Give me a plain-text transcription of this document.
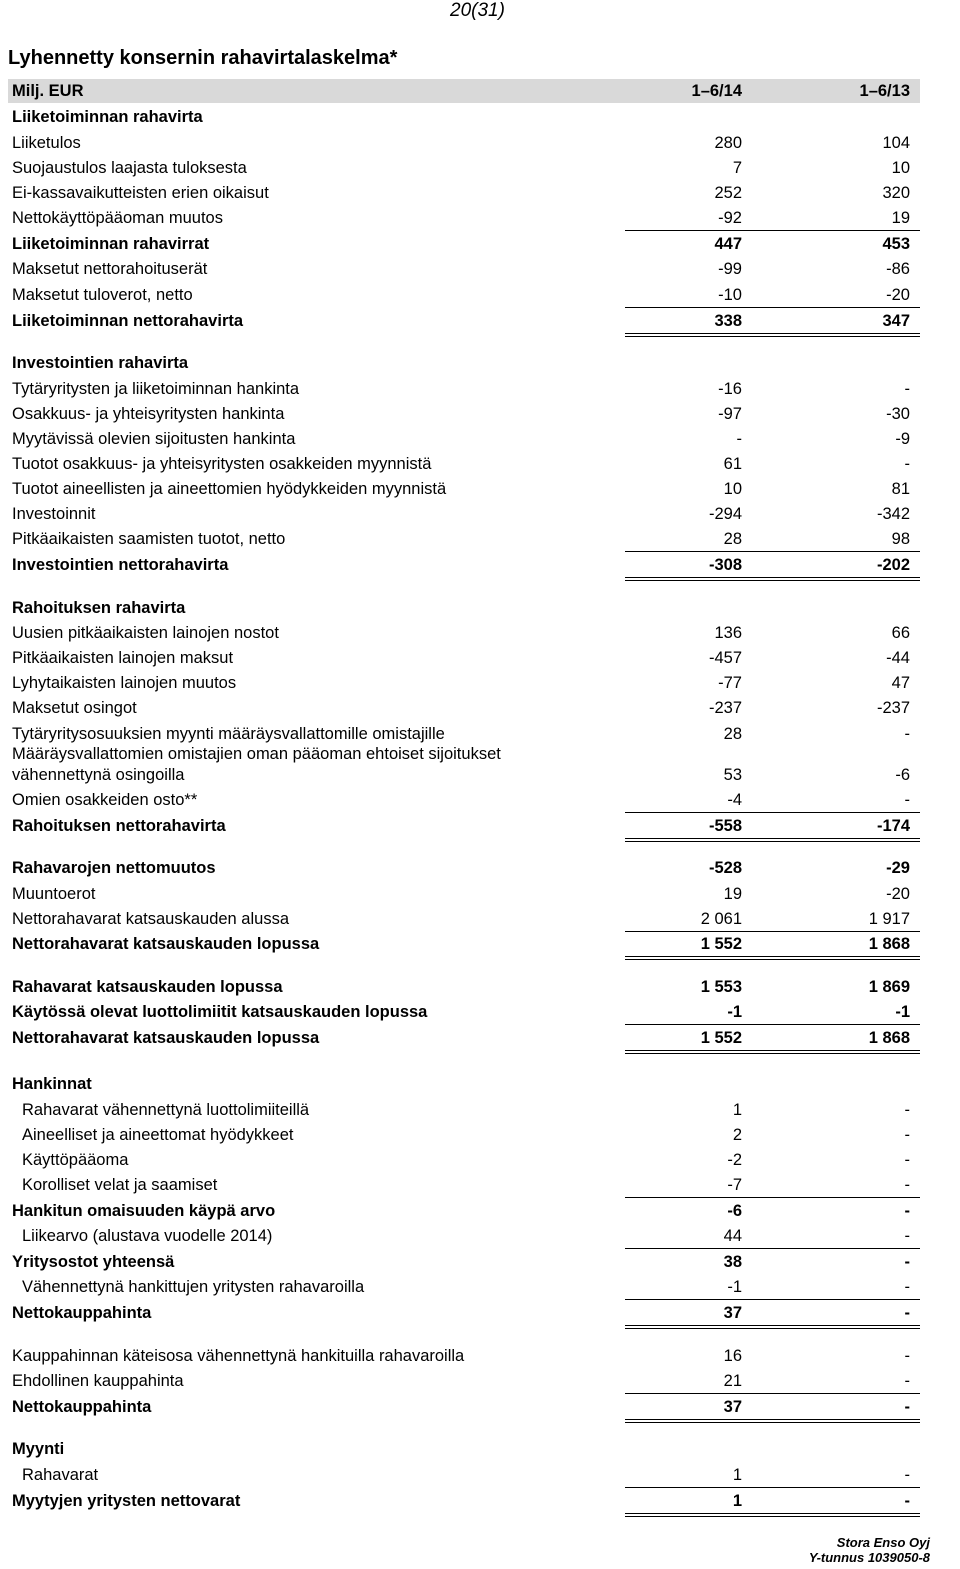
20(31)
Lyhennetty konsernin rahavirtalaskelma*
Milj. EUR	1–6/14	1–6/13
Liiketoiminnan rahavirta
Liiketulos	280	104
Suojaustulos laajasta tuloksesta	7	10
Ei-kassavaikutteisten erien oikaisut	252	320
Nettokäyttöpääoman muutos	-92	19
Liiketoiminnan rahavirrat	447	453
Maksetut nettorahoituserät	-99	-86
Maksetut tuloverot, netto	-10	-20
Liiketoiminnan nettorahavirta	338	347
Investointien rahavirta
Tytäryritysten ja liiketoiminnan hankinta	-16	-
Osakkuus- ja yhteisyritysten hankinta	-97	-30
Myytävissä olevien sijoitusten hankinta	-	-9
Tuotot osakkuus- ja yhteisyritysten osakkeiden myynnistä	61	-
Tuotot aineellisten ja aineettomien hyödykkeiden myynnistä	10	81
Investoinnit	-294	-342
Pitkäaikaisten saamisten tuotot, netto	28	98
Investointien nettorahavirta	-308	-202
Rahoituksen rahavirta
Uusien pitkäaikaisten lainojen nostot	136	66
Pitkäaikaisten lainojen maksut	-457	-44
Lyhytaikaisten lainojen muutos	-77	47
Maksetut osingot	-237	-237
Tytäryritysosuuksien myynti määräysvallattomille omistajille	28	-
Määräysvallattomien omistajien oman pääoman ehtoiset sijoitukset
vähennettynä osingoilla	53	-6
Omien osakkeiden osto**	-4	-
Rahoituksen nettorahavirta	-558	-174
Rahavarojen nettomuutos	-528	-29
Muuntoerot	19	-20
Nettorahavarat katsauskauden alussa	2 061	1 917
Nettorahavarat katsauskauden lopussa	1 552	1 868
Rahavarat katsauskauden lopussa	1 553	1 869
Käytössä olevat luottolimiitit katsauskauden lopussa	-1	-1
Nettorahavarat katsauskauden lopussa	1 552	1 868
Hankinnat
Rahavarat vähennettynä luottolimiiteillä	1	-
Aineelliset ja aineettomat hyödykkeet	2	-
Käyttöpääoma	-2	-
Korolliset velat ja saamiset	-7	-
Hankitun omaisuuden käypä arvo	-6	-
Liikearvo (alustava vuodelle 2014)	44	-
Yritysostot yhteensä	38	-
Vähennettynä hankittujen yritysten rahavaroilla	-1	-
Nettokauppahinta	37	-
Kauppahinnan käteisosa vähennettynä hankituilla rahavaroilla	16	-
Ehdollinen kauppahinta	21	-
Nettokauppahinta	37	-
Myynti
Rahavarat	1	-
Myytyjen yritysten nettovarat	1	-
Stora Enso Oyj
Y-tunnus 1039050-8
